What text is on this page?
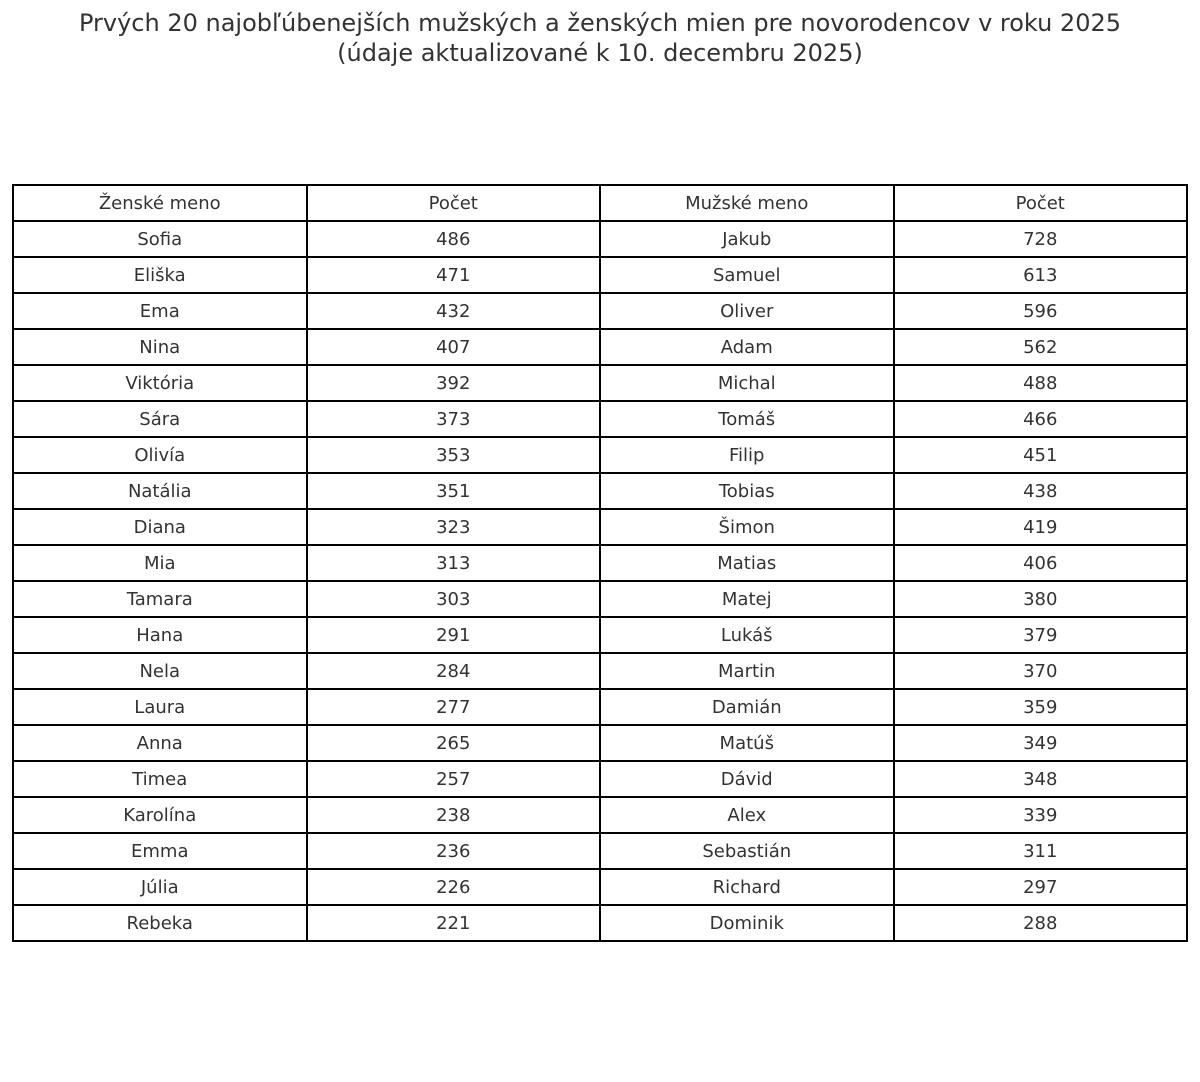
Prvých 20 najobľúbenejších mužských a ženských mien pre novorodencov v roku 2025
(údaje aktualizované k 10. decembru 2025)
Ženské meno	Počet	Mužské meno	Počet
Sofia	486	Jakub	728
Eliška	471	Samuel	613
Ema	432	Oliver	596
Nina	407	Adam	562
Viktória	392	Michal	488
Sára	373	Tomáš	466
Olivía	353	Filip	451
Natália	351	Tobias	438
Diana	323	Šimon	419
Mia	313	Matias	406
Tamara	303	Matej	380
Hana	291	Lukáš	379
Nela	284	Martin	370
Laura	277	Damián	359
Anna	265	Matúš	349
Timea	257	Dávid	348
Karolína	238	Alex	339
Emma	236	Sebastián	311
Júlia	226	Richard	297
Rebeka	221	Dominik	288
